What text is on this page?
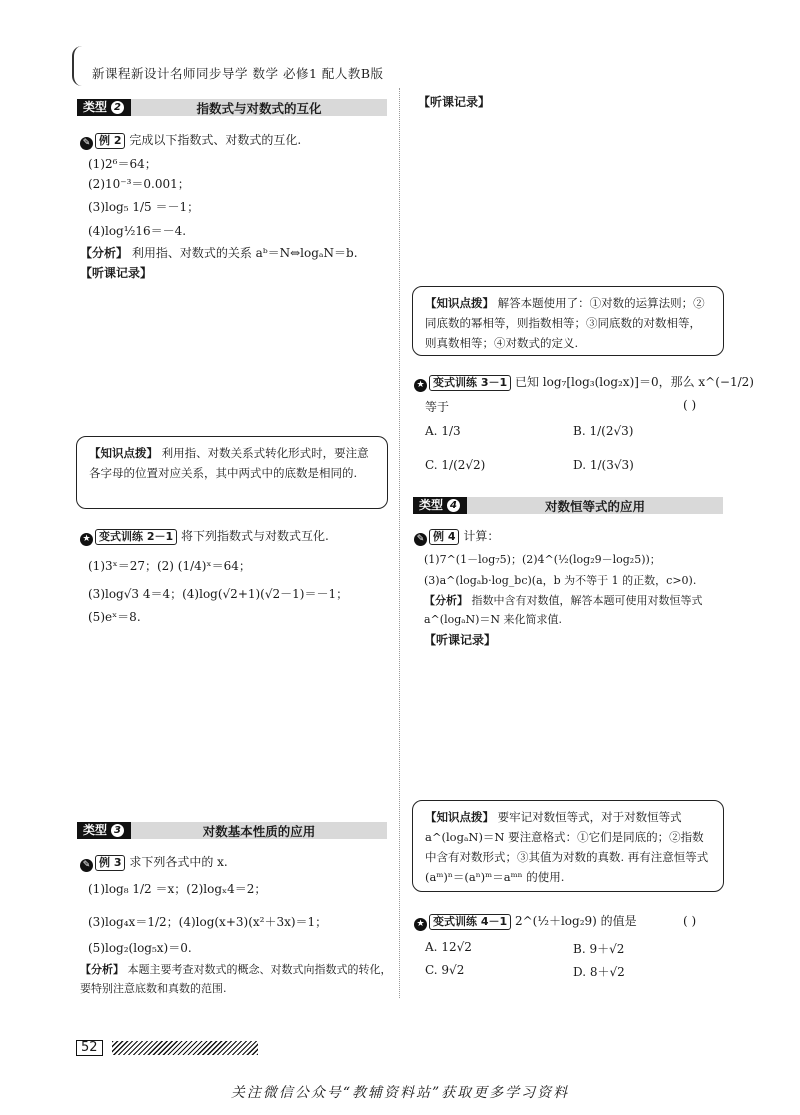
新课程新设计名师同步导学 数学 必修1 配人教B版
类型 2	指数式与对数式的互化
✎ 例 2 完成以下指数式、对数式的互化.
(1)2⁶＝64；
(2)10⁻³＝0.001；
(3)log₅ 1/5 ＝－1；
(4)log½16＝－4.
【分析】 利用指、对数式的关系 aᵇ＝N⇔logₐN＝b.
【听课记录】
【知识点拨】 利用指、对数关系式转化形式时，要注意各字母的位置对应关系，其中两式中的底数是相同的.
★ 变式训练 2－1 将下列指数式与对数式互化.
(1)3ˣ＝27；(2) (1/4)ˣ＝64；
(3)log√3 4＝4；(4)log(√2+1)(√2－1)＝－1；
(5)eˣ＝8.
类型 3	对数基本性质的应用
✎ 例 3 求下列各式中的 x.
(1)log₈ 1/2 ＝x；(2)logₓ4＝2；
(3)log₄x＝1/2；(4)log(x+3)(x²＋3x)＝1；
(5)log₂(log₅x)＝0.
【分析】 本题主要考查对数式的概念、对数式向指数式的转化，要特别注意底数和真数的范围.
52
【听课记录】
【知识点拨】 解答本题使用了：①对数的运算法则；②同底数的幂相等，则指数相等；③同底数的对数相等，则真数相等；④对数式的定义.
★ 变式训练 3－1 已知 log₇[log₃(log₂x)]＝0，那么 x^(−1/2)
等于	( )
A. 1/3	B. 1/(2√3)
C. 1/(2√2)	D. 1/(3√3)
类型 4	对数恒等式的应用
✎ 例 4 计算：
(1)7^(1－log₇5)；(2)4^(½(log₂9－log₂5))；
(3)a^(logₐb·log_bc)(a，b 为不等于 1 的正数，c>0).
【分析】 指数中含有对数值，解答本题可使用对数恒等式 a^(logₐN)＝N 来化简求值.
【听课记录】
【知识点拨】 要牢记对数恒等式，对于对数恒等式 a^(logₐN)＝N 要注意格式：①它们是同底的；②指数中含有对数形式；③其值为对数的真数. 再有注意恒等式(aᵐ)ⁿ＝(aⁿ)ᵐ＝aᵐⁿ 的使用.
★ 变式训练 4－1 2^(½＋log₂9) 的值是	( )
A. 12√2	B. 9＋√2
C. 9√2	D. 8＋√2
关注微信公众号“教辅资料站”获取更多学习资料
